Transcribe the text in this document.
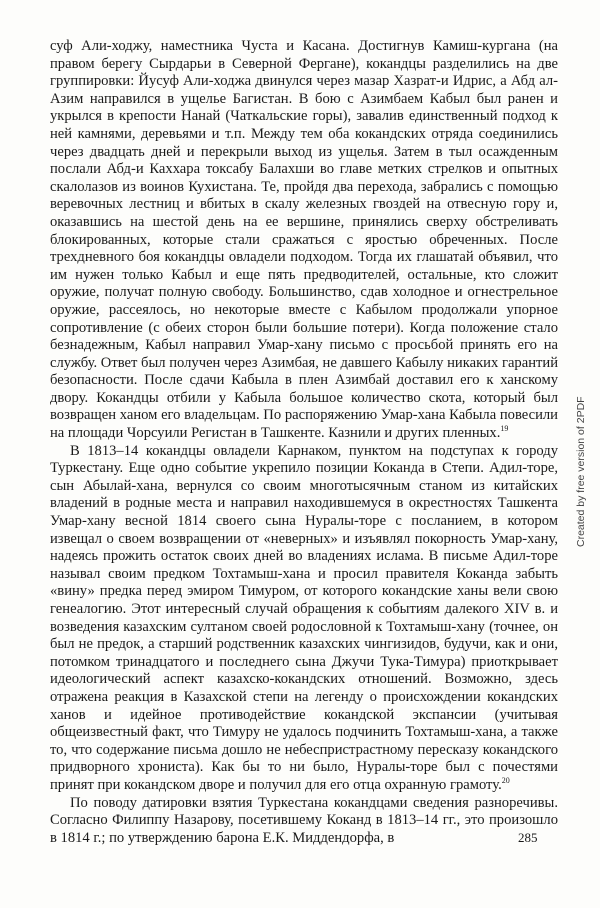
суф Али-ходжу, наместника Чуста и Касана. Достигнув Камиш-кургана (на правом берегу Сырдарьи в Северной Фергане), кокандцы разделились на две группировки: Йусуф Али-ходжа двинулся через мазар Хазрат-и Идрис, а Абд ал-Азим направился в ущелье Багистан. В бою с Азимбаем Кабыл был ранен и укрылся в крепости Нанай (Чаткальские горы), завалив единственный подход к ней камнями, деревьями и т.п. Между тем оба кокандских отряда соединились через двадцать дней и перекрыли выход из ущелья. Затем в тыл осажденным послали Абд-и Каххара токсабу Балахши во главе метких стрелков и опытных скалолазов из воинов Кухистана. Те, пройдя два перехода, забрались с помощью веревочных лестниц и вбитых в скалу железных гвоздей на отвесную гору и, оказавшись на шестой день на ее вершине, принялись сверху обстреливать блокированных, которые стали сражаться с яростью обреченных. После трехдневного боя кокандцы овладели подходом. Тогда их глашатай объявил, что им нужен только Кабыл и еще пять предводителей, остальные, кто сложит оружие, получат полную свободу. Большинство, сдав холодное и огнестрельное оружие, рассеялось, но некоторые вместе с Кабылом продолжали упорное сопротивление (с обеих сторон были большие потери). Когда положение стало безнадежным, Кабыл направил Умар-хану письмо с просьбой принять его на службу. Ответ был получен через Азимбая, не давшего Кабылу никаких гарантий безопасности. После сдачи Кабыла в плен Азимбай доставил его к ханскому двору. Кокандцы отбили у Кабыла большое количество скота, который был возвращен ханом его владельцам. По распоряжению Умар-хана Кабыла повесили на площади Чорсуили Регистан в Ташкенте. Казнили и других пленных.$^{19}$

В 1813–14 кокандцы овладели Карнаком, пунктом на подступах к городу Туркестану. Еще одно событие укрепило позиции Коканда в Степи. Адил-торе, сын Абылай-хана, вернулся со своим многотысячным станом из китайских владений в родные места и направил находившемуся в окрестностях Ташкента Умар-хану весной 1814 своего сына Нуралы-торе с посланием, в котором извещал о своем возвращении от «неверных» и изъявлял покорность Умар-хану, надеясь прожить остаток своих дней во владениях ислама. В письме Адил-торе называл своим предком Тохтамыш-хана и просил правителя Коканда забыть «вину» предка перед эмиром Тимуром, от которого кокандские ханы вели свою генеалогию. Этот интересный случай обращения к событиям далекого XIV в. и возведения казахским султаном своей родословной к Тохтамыш-хану (точнее, он был не предок, а старший родственник казахских чингизидов, будучи, как и они, потомком тринадцатого и последнего сына Джучи Тука-Тимура) приоткрывает идеологический аспект казахско-кокандских отношений. Возможно, здесь отражена реакция в Казахской степи на легенду о происхождении кокандских ханов и идейное противодействие кокандской экспансии (учитывая общеизвестный факт, что Тимуру не удалось подчинить Тохтамыш-хана, а также то, что содержание письма дошло не небеспристрастному пересказу кокандского придворного хрониста). Как бы то ни было, Нуралы-торе был с почестями принят при кокандском дворе и получил для его отца охранную грамоту.$^{20}$

По поводу датировки взятия Туркестана кокандцами сведения разноречивы. Согласно Филиппу Назарову, посетившему Коканд в 1813–14 гг., это произошло в 1814 г.; по утверждению барона Е.К. Миддендорфа, в

Created by free version of 2PDF
285
